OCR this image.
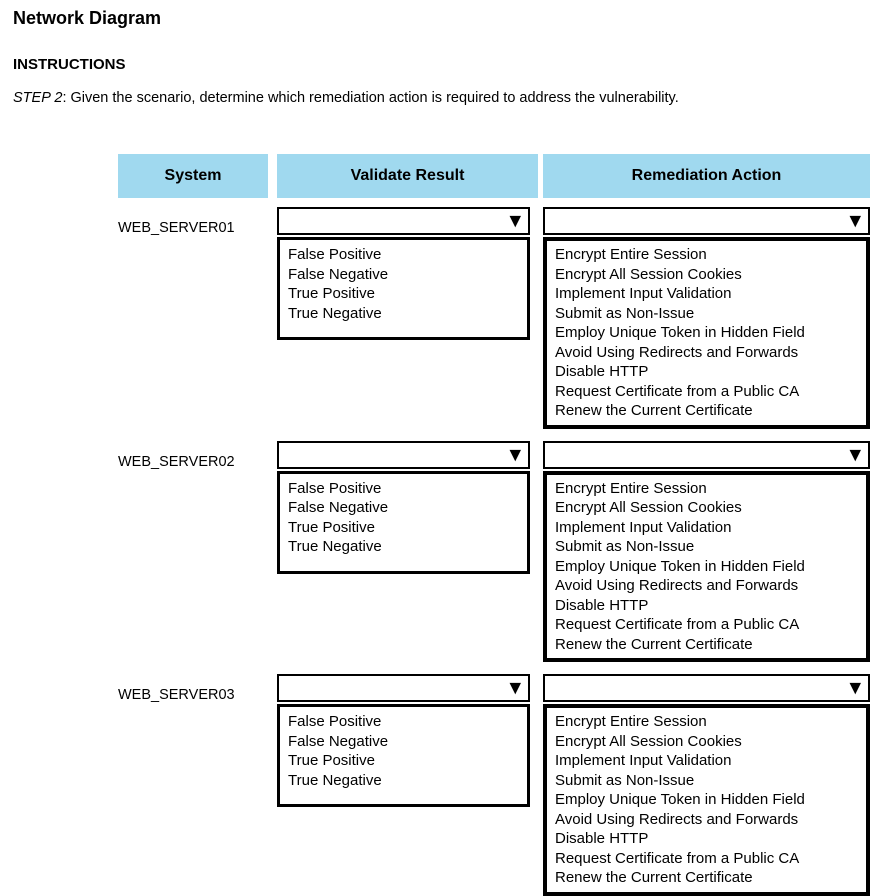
Network Diagram
INSTRUCTIONS

STEP 2: Given the scenario, determine which remediation action is required to address the vulnerability.

System	Validate Result	Remediation Action
WEB_SERVER01	▼
False Positive
False Negative
True Positive
True Negative
▼
Encrypt Entire Session
Encrypt All Session Cookies
Implement Input Validation
Submit as Non-Issue
Employ Unique Token in Hidden Field
Avoid Using Redirects and Forwards
Disable HTTP
Request Certificate from a Public CA
Renew the Current Certificate
WEB_SERVER02	▼
False Positive
False Negative
True Positive
True Negative
▼
Encrypt Entire Session
Encrypt All Session Cookies
Implement Input Validation
Submit as Non-Issue
Employ Unique Token in Hidden Field
Avoid Using Redirects and Forwards
Disable HTTP
Request Certificate from a Public CA
Renew the Current Certificate
WEB_SERVER03	▼
False Positive
False Negative
True Positive
True Negative
▼
Encrypt Entire Session
Encrypt All Session Cookies
Implement Input Validation
Submit as Non-Issue
Employ Unique Token in Hidden Field
Avoid Using Redirects and Forwards
Disable HTTP
Request Certificate from a Public CA
Renew the Current Certificate
